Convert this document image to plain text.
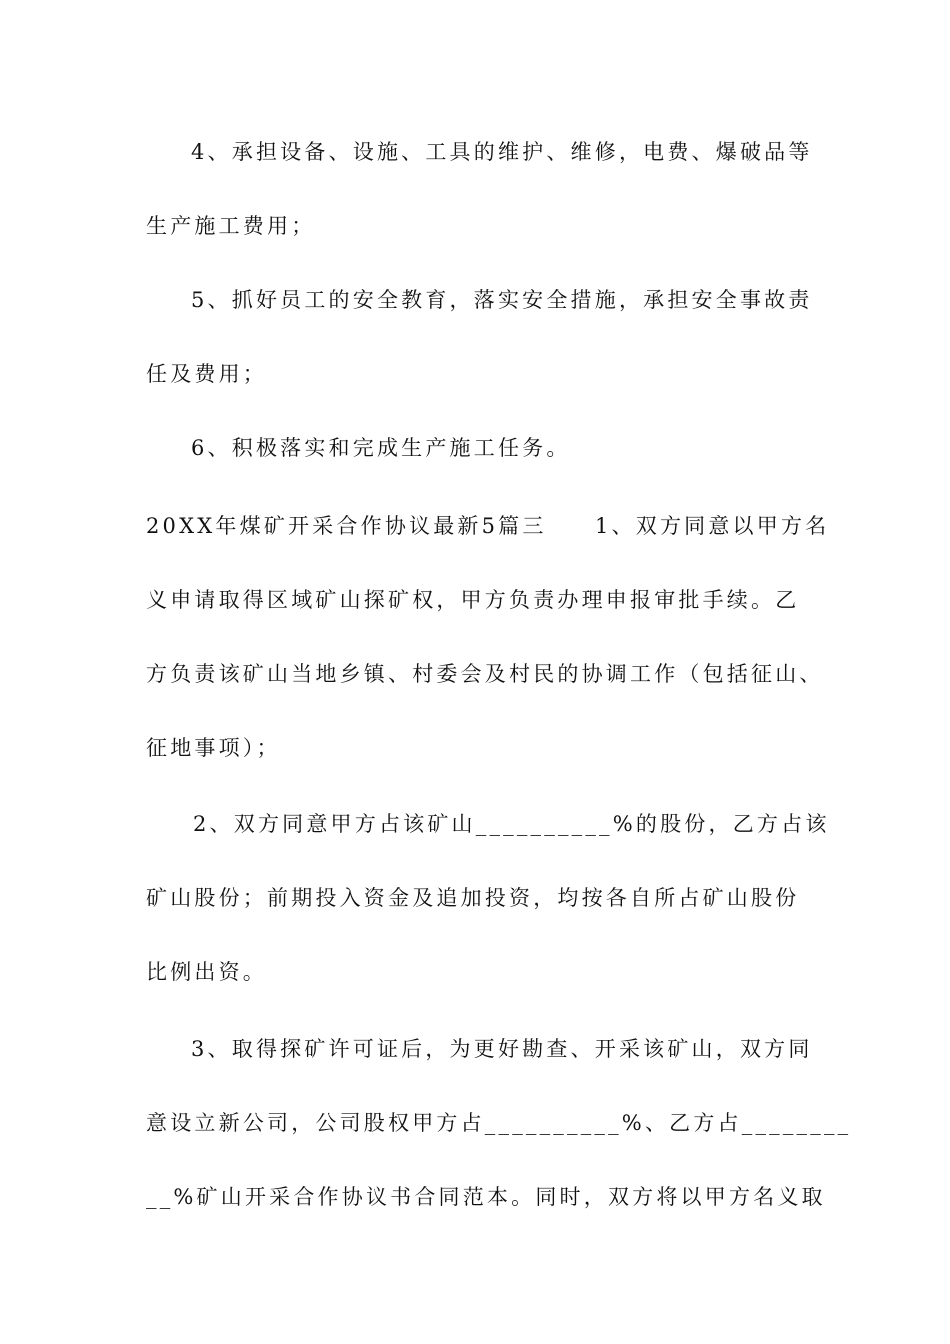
4、承担设备、设施、工具的维护、维修，电费、爆破品等
生产施工费用；
5、抓好员工的安全教育，落实安全措施，承担安全事故责
任及费用；
6、积极落实和完成生产施工任务。
20XX年煤矿开采合作协议最新5篇三　　1、双方同意以甲方名
义申请取得区域矿山探矿权，甲方负责办理申报审批手续。乙
方负责该矿山当地乡镇、村委会及村民的协调工作（包括征山、
征地事项）；
2、双方同意甲方占该矿山__________%的股份，乙方占该
矿山股份；前期投入资金及追加投资，均按各自所占矿山股份
比例出资。
3、取得探矿许可证后，为更好勘查、开采该矿山，双方同
意设立新公司，公司股权甲方占__________%、乙方占________
__%矿山开采合作协议书合同范本。同时，双方将以甲方名义取
